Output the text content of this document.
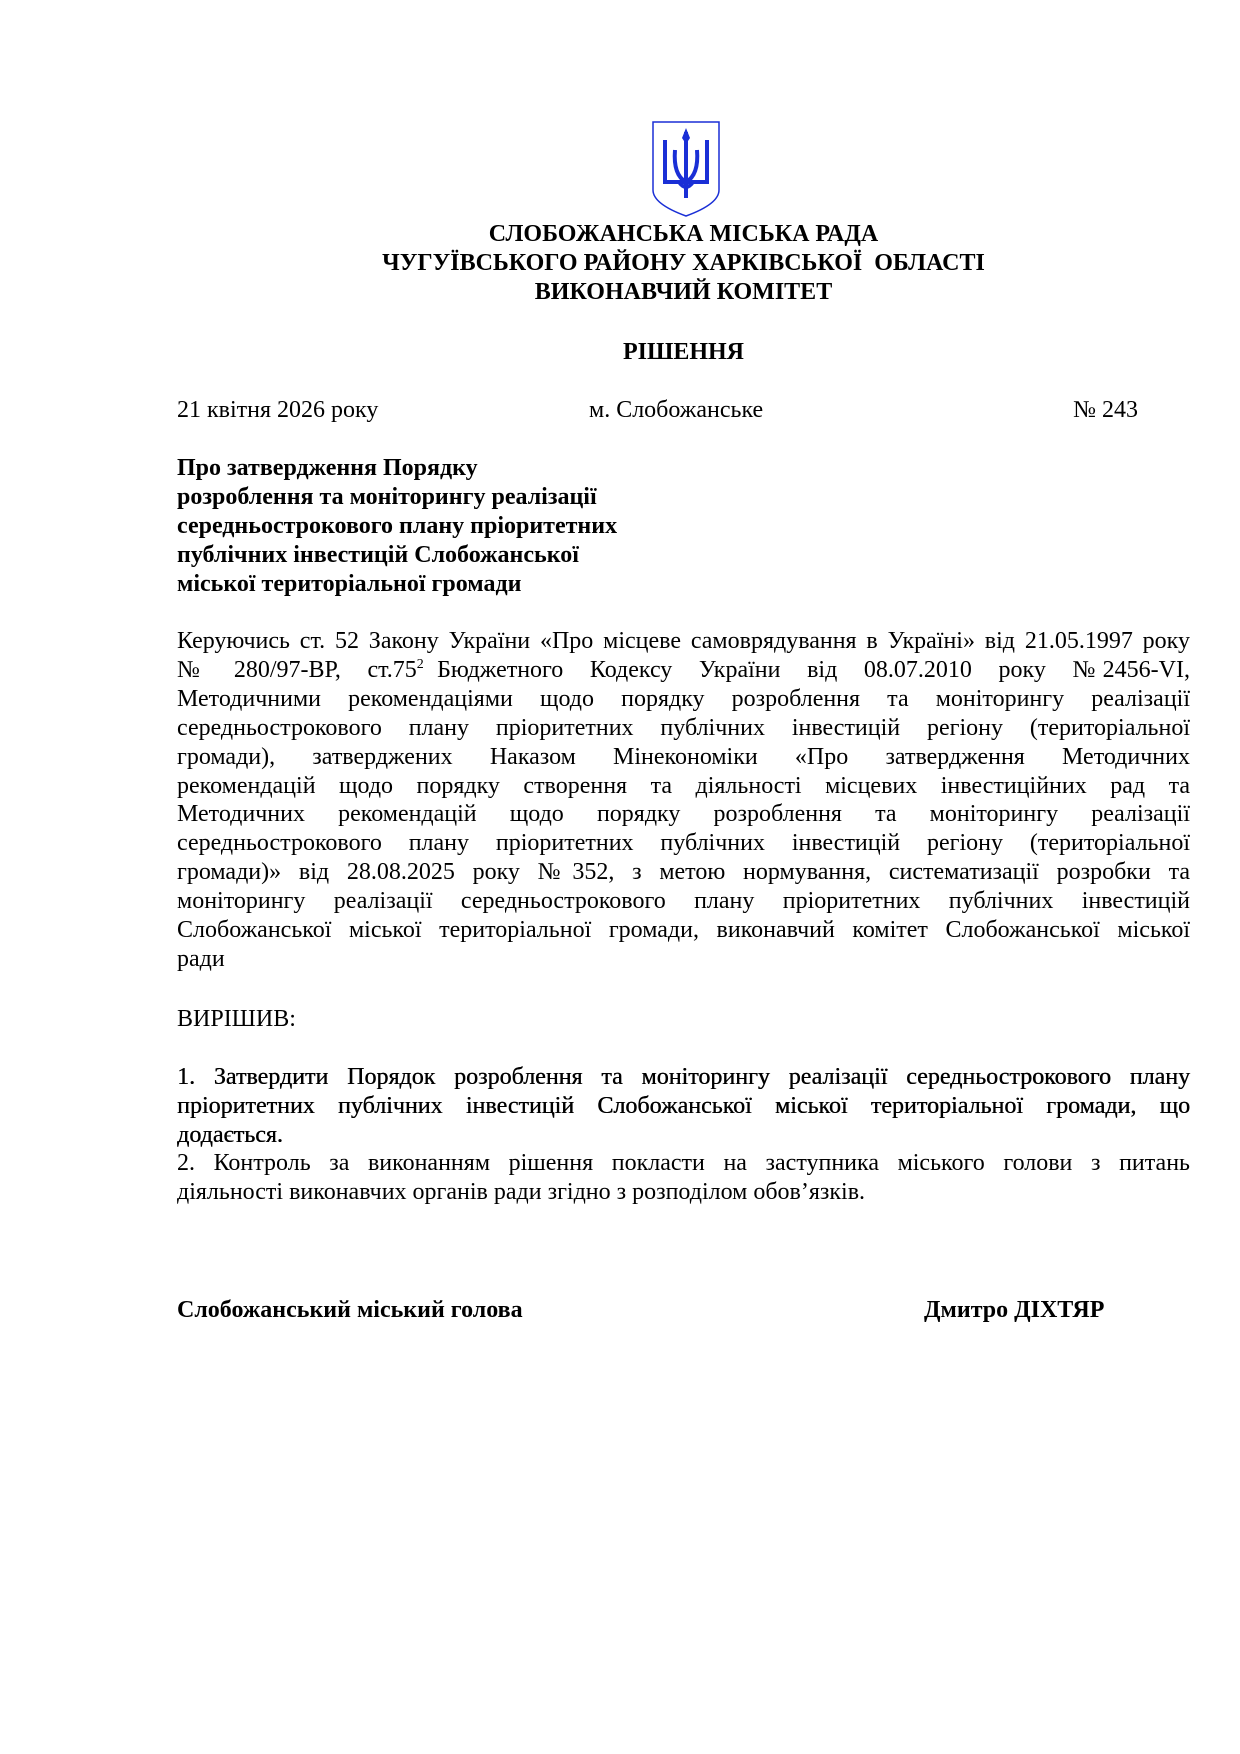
СЛОБОЖАНСЬКА МІСЬКА РАДА
ЧУГУЇВСЬКОГО РАЙОНУ ХАРКІВСЬКОЇ  ОБЛАСТІ
ВИКОНАВЧИЙ КОМІТЕТ
РІШЕННЯ
21 квітня 2026 року	м. Слобожанське	№ 243
Про затвердження Порядку
розроблення та моніторингу реалізації
середньострокового плану пріоритетних
публічних інвестицій Слобожанської
міської територіальної громади
Керуючись ст. 52 Закону України «Про місцеве самоврядування в Україні» від 21.05.1997 року
№  280/97-ВР,  $ст.75^2$ Бюджетного  Кодексу  України  від  08.07.2010  року  №2456-VI,
Методичними рекомендаціями щодо порядку розроблення та моніторингу реалізації
середньострокового плану пріоритетних публічних інвестицій регіону (територіальної
громади), затверджених Наказом Мінекономіки «Про затвердження Методичних
рекомендацій щодо порядку створення та діяльності місцевих інвестиційних рад та
Методичних рекомендацій щодо порядку розроблення та моніторингу реалізації
середньострокового плану пріоритетних публічних інвестицій регіону (територіальної
громади)» від 28.08.2025 року №352, з метою нормування, систематизації розробки та
моніторингу реалізації середньострокового плану пріоритетних публічних інвестицій
Слобожанської міської територіальної громади, виконавчий комітет Слобожанської міської
ради
ВИРІШИВ:
1. Затвердити Порядок розроблення та моніторингу реалізації середньострокового плану
пріоритетних публічних інвестицій Слобожанської міської територіальної громади, що
додається.
2. Контроль за виконанням рішення покласти на заступника міського голови з питань
діяльності виконавчих органів ради згідно з розподілом обов’язків.
Слобожанський міський голова	Дмитро ДІХТЯР
